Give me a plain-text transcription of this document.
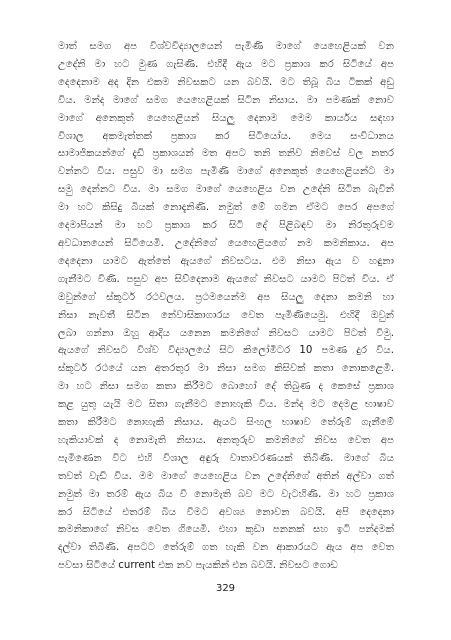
මාත් සමග අප විශ්වවිද්‍යාලයෙන් පැමිණි මාගේ යෙහෙළියක් වන
උදේනි මා හට මුණ ගැසිණි. එහිදී ඇය මට ප්‍රකාශ කර සිටියේ අප
දෙදෙනාම අද දින එකම නිවසකට යන බවයි. මට තිබූ බිය ටිකක් අඩු
විය. මන්ද මාගේ සමග යෙහෙළියක් සිටින නිසාය. මා පමණක් නොව
මාගේ අනෙකුත් යෙහෙළියන් සියලු දෙනාම මෙම කාර්යය සඳහා
විශාල අකමැත්තක් ප්‍රකාශ කර සිටියෝය. මෙය සංවිධානය
සාමාජිකයන්ගේ දැඩි ප්‍රකාශයන් මත අපට තනි තනිව නිවෙස් වල නතර
වන්නට විය. පසුව මා සමග පැමිණි මාගේ අනෙකුත් යෙහෙළියන්ට මා
සමු දෙන්නට විය. මා සමග මාගේ යෙහෙළිය වන උදේනි සිටින බැවින්
මා හට කිසිදු බියක් නොදැනිණි. නමුත් මේ ගමන ඒමට පෙර අපගේ
දෙමාපියන් මා හට ප්‍රකාශ කර සිටි දේ පිළිබඳව මා නිරතුරුවම
අවධානයෙන් සිටියෙමි. උදේනිගේ යෙහෙළියගේ නම කමනිකාය. අප
දෙදෙනා යාමට ඇත්තේ ඇයගේ නිවසටය. එම නිසා ඇය ව හඳුනා
ගැනීමට විණි. පසුව අප සිව්දෙනාම ඇයගේ නිවසට යාමට පිටත් විය. ඒ
ඔවුන්ගේ ස්කූටර් රථවලය. ප්‍රථමයෙන්ම අප සියලු දෙනා කමනි හා
නිසා නැවතී සිටින නේවාසිකාගාරය වෙත පැමිණියෙමු. එහිදී ඔවුන්
ලබා ගන්නා ඔහු ආදිය යනෙන කමනිගේ නිවසට යාමට පිටත් විමු.
ඇයගේ නිවසට විශ්ව විද්‍යාලයේ සිට කිලෝමීටර 10 පමණ දුර විය.
ස්කූටර් රථයේ යන අතරතුර මා නිසා සමග කිසිවක් කතා නොකළෙමි.
මා හට නිසා සමග කතා කිරීමට බොහෝ දේ තිබුණ ද කෙසේ ප්‍රකාශ
කළ යුතු යැයි මට සිතා ගැනීමට නොහැකි විය. මන්ද මට දෙමළ භාෂාව
කතා කිරීමට නොහැකි නිසාය. ඇයට සිංහල භාෂාව තේරුම් ගැනීමේ
හැකියාවක් ද නොමැති නිසාය. අනතුරුව කමනිගේ නිවස වෙත අප
පැමිණෙන විට එහි විශාල අඳුරු වාතාවරණයක් තිබිණි. මාගේ බිය
තවත් වැඩි විය. මම මාගේ යෙහෙළිය වන උදේනිගේ අතින් අල්වා ගත්
නමුත් මා තරම් ඇය බිය වී නොමැති බව මට වැටහිණි. මා හට ප්‍රකාශ
කර සිටියේ එතරම් බිය වීමට අවශ්‍ය නොවන බවයි. අපි දෙදෙනා
කමනිකාගේ නිවස වෙත ගියෙමි. එහා කුඩා පනනක් සහ ඉටි පන්දමක්
දල්වා තිබිණි. අපටට තේරුම් ගත හැකි වන ආකාරයට ඇය අප වෙත
පවසා සිටියේ current එක නව පැයකින් එන බවයි. නිවසට ගොඩ
329
